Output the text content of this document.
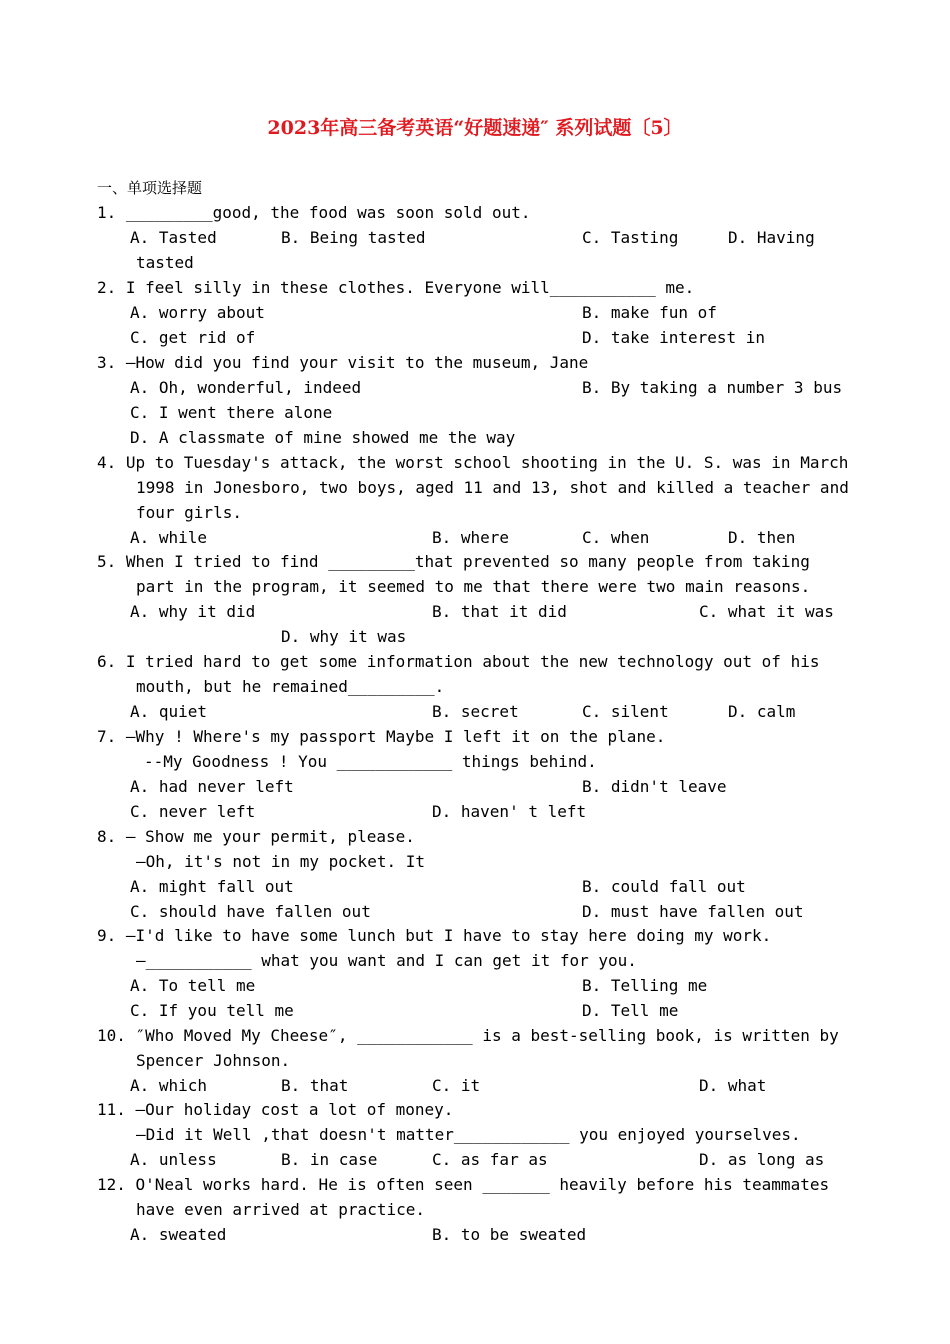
2023年高三备考英语“好题速递″ 系列试题〔5〕
一、单项选择题
1. _________good, the food was soon sold out.
A. Tasted	B. Being tasted	C. Tasting	D. Having
tasted
2. I feel silly in these clothes. Everyone will___________ me.
A. worry about	B. make fun of
C. get rid of	D. take interest in
3. —How did you find your visit to the museum, Jane
A. Oh, wonderful, indeed	B. By taking a number 3 bus
C. I went there alone
D. A classmate of mine showed me the way
4. Up to Tuesday's attack, the worst school shooting in the U. S. was in March
1998 in Jonesboro, two boys, aged 11 and 13, shot and killed a teacher and
four girls.
A. while	B. where	C. when	D. then
5. When I tried to find _________that prevented so many people from taking
part in the program, it seemed to me that there were two main reasons.
A. why it did	B. that it did	C. what it was
D. why it was
6. I tried hard to get some information about the new technology out of his
mouth, but he remained_________.
A. quiet	B. secret	C. silent	D. calm
7. —Why ! Where's my passport Maybe I left it on the plane.
--My Goodness ! You ____________ things behind.
A. had never left	B. didn't leave
C. never left	D. haven' t left
8. — Show me your permit, please.
—Oh, it's not in my pocket. It
A. might fall out	B. could fall out
C. should have fallen out	D. must have fallen out
9. —I'd like to have some lunch but I have to stay here doing my work.
—___________ what you want and I can get it for you.
A. To tell me	B. Telling me
C. If you tell me	D. Tell me
10. ″Who Moved My Cheese″, ____________ is a best-selling book, is written by
Spencer Johnson.
A. which	B. that	C. it	D. what
11. —Our holiday cost a lot of money.
—Did it Well ,that doesn't matter____________ you enjoyed yourselves.
A. unless	B. in case	C. as far as	D. as long as
12. O'Neal works hard. He is often seen _______ heavily before his teammates
have even arrived at practice.
A. sweated	B. to be sweated
